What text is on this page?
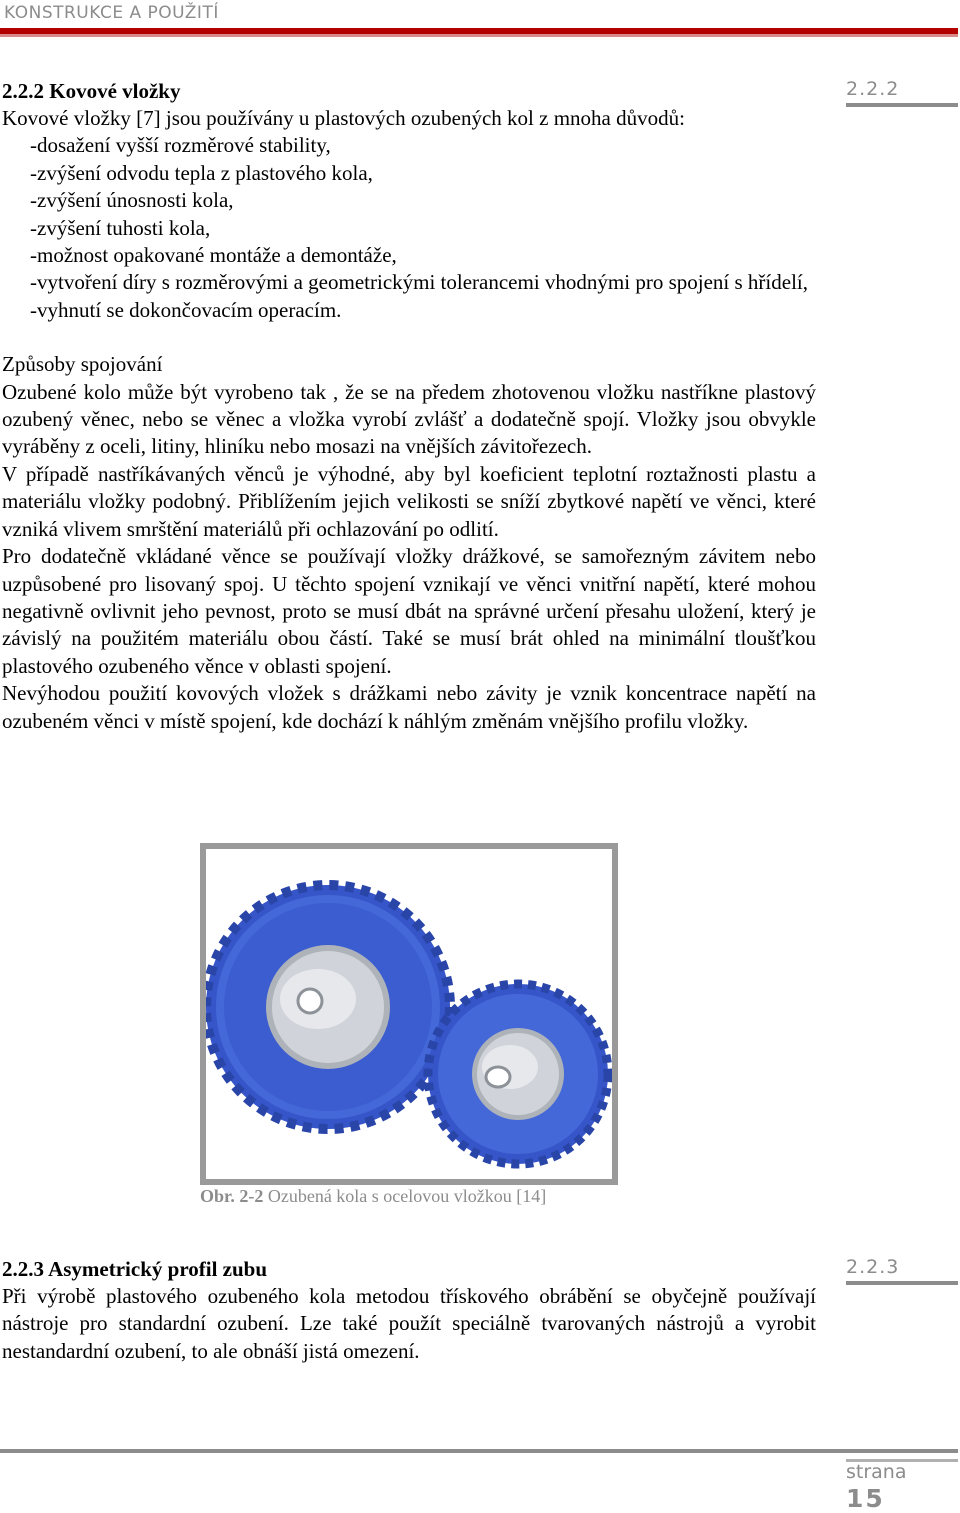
KONSTRUKCE A POUŽITÍ
2.2.2
2.2.2 Kovové vložky
Kovové vložky [7] jsou používány u plastových ozubených kol z mnoha důvodů:
-dosažení vyšší rozměrové stability,
-zvýšení odvodu tepla z plastového kola,
-zvýšení únosnosti kola,
-zvýšení tuhosti kola,
-možnost opakované montáže a demontáže,

-vytvoření díry s rozměrovými a geometrickými tolerancemi vhodnými pro spojení s hřídelí,

-vyhnutí se dokončovacím operacím.
Způsoby spojování

Ozubené kolo může být vyrobeno tak , že se na předem zhotovenou vložku nastříkne plastový ozubený věnec, nebo se věnec a vložka vyrobí zvlášť a dodatečně spojí. Vložky jsou obvykle vyráběny z oceli, litiny, hliníku nebo mosazi na vnějších závitořezech.

V případě nastříkávaných věnců je výhodné, aby byl koeficient teplotní roztažnosti plastu a materiálu vložky podobný. Přiblížením jejich velikosti se sníží zbytkové napětí ve věnci, které vzniká vlivem smrštění materiálů při ochlazování po odlití.

Pro dodatečně vkládané věnce se používají vložky drážkové, se samořezným závitem nebo uzpůsobené pro lisovaný spoj. U těchto spojení vznikají ve věnci vnitřní napětí, které mohou negativně ovlivnit jeho pevnost, proto se musí dbát na správné určení přesahu uložení, který je závislý na použitém materiálu obou částí. Také se musí brát ohled na minimální tloušťkou plastového ozubeného věnce v oblasti spojení.

Nevýhodou použití kovových vložek s drážkami nebo závity je vznik koncentrace napětí na ozubeném věnci v místě spojení, kde dochází k náhlým změnám vnějšího profilu vložky.

Obr. 2-2 Ozubená kola s ocelovou vložkou [14]
2.2.3
2.2.3 Asymetrický profil zubu

Při výrobě plastového ozubeného kola metodou třískového obrábění se obyčejně používají nástroje pro standardní ozubení. Lze také použít speciálně tvarovaných nástrojů a vyrobit nestandardní ozubení, to ale obnáší jistá omezení.

strana
15
